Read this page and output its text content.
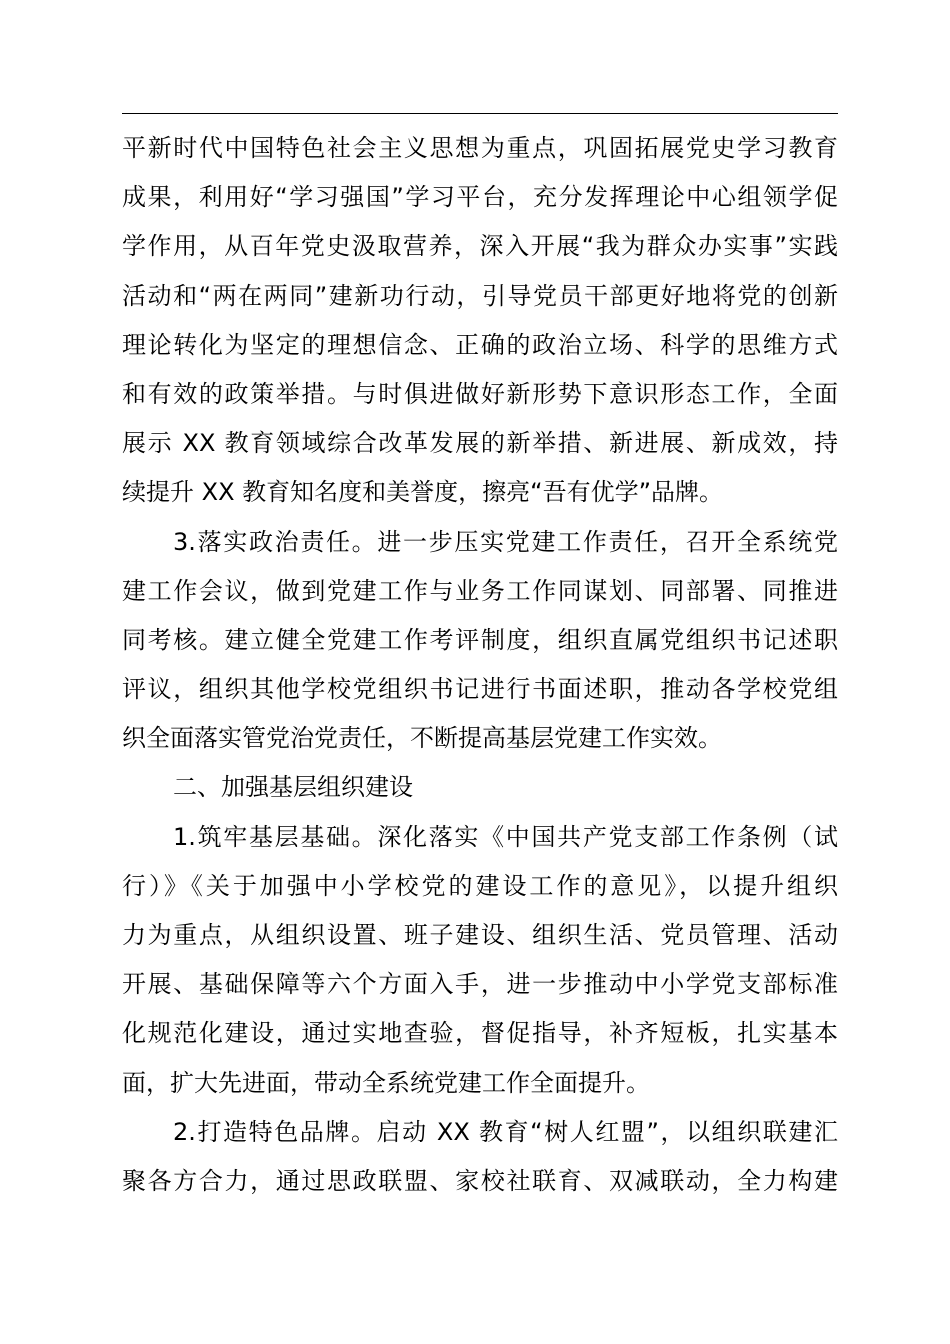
平新时代中国特色社会主义思想为重点，巩固拓展党史学习教育
成果，利用好“学习强国”学习平台，充分发挥理论中心组领学促
学作用，从百年党史汲取营养，深入开展“我为群众办实事”实践
活动和“两在两同”建新功行动，引导党员干部更好地将党的创新
理论转化为坚定的理想信念、正确的政治立场、科学的思维方式
和有效的政策举措。与时俱进做好新形势下意识形态工作，全面
展示 XX 教育领域综合改革发展的新举措、新进展、新成效，持
续提升 XX 教育知名度和美誉度，擦亮“吾有优学”品牌。
3.落实政治责任。进一步压实党建工作责任，召开全系统党
建工作会议，做到党建工作与业务工作同谋划、同部署、同推进
同考核。建立健全党建工作考评制度，组织直属党组织书记述职
评议，组织其他学校党组织书记进行书面述职，推动各学校党组
织全面落实管党治党责任，不断提高基层党建工作实效。
二、加强基层组织建设
1.筑牢基层基础。深化落实《中国共产党支部工作条例（试
行）》《关于加强中小学校党的建设工作的意见》，以提升组织
力为重点，从组织设置、班子建设、组织生活、党员管理、活动
开展、基础保障等六个方面入手，进一步推动中小学党支部标准
化规范化建设，通过实地查验，督促指导，补齐短板，扎实基本
面，扩大先进面，带动全系统党建工作全面提升。
2.打造特色品牌。启动 XX 教育“树人红盟”，以组织联建汇
聚各方合力，通过思政联盟、家校社联育、双减联动，全力构建
